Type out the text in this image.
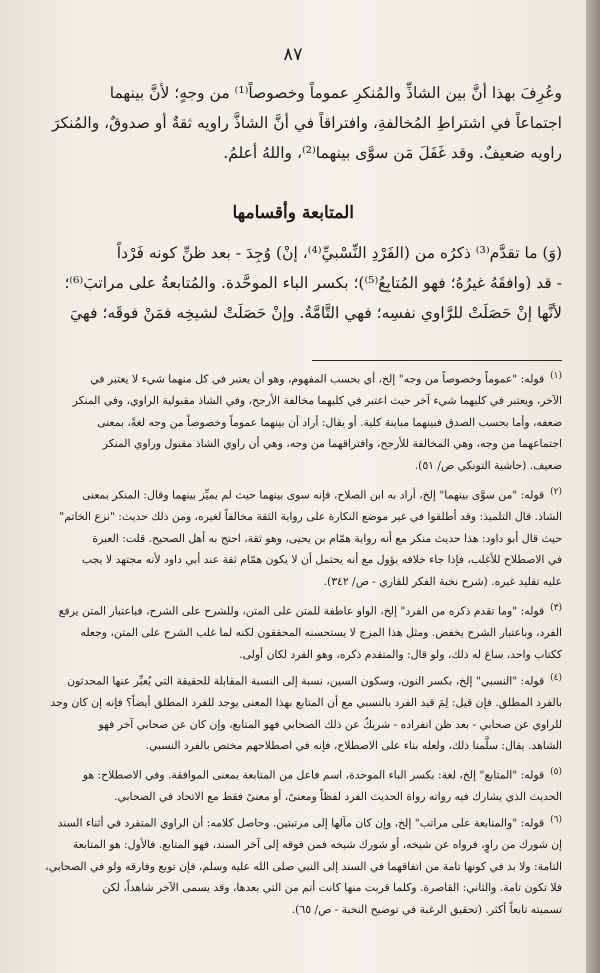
٨٧

وعُرِفَ بهذا أنَّ بين الشاذِّ والمُنكرِ عموماً وخصوصاً⁽¹⁾ من وجهٍ؛ لأنَّ بينهما

اجتماعاً في اشتراطِ المُخالفةِ، وافتراقاً في أنَّ الشاذَّ راويه ثقةٌ أو صدوقٌ، والمُنكرَ

راويه ضعيفٌ. وقد غَفَلَ مَن سوَّى بينهما⁽²⁾، واللهُ أعلمُ.

المتابعة وأقسامها

(وَ) ما تقدَّم⁽³⁾ ذكرُه من (الفَرْدِ النِّسْبيِّ⁽⁴⁾، إنْ) وُجِدَ - بعد ظنِّ كونه فَرْداً

- قد (وافقَهُ غيرُهُ؛ فهو المُتابِعُ⁽⁵⁾)؛ بكسر الباء الموحَّدة. والمُتابعةُ على مراتبَ⁽⁶⁾؛

لأنَّها إنْ حَصَلَتْ للرَّاوي نفسِه؛ فهي التَّامَّةُ. وإنْ حَصَلَتْ لشيخِه فمَنْ فوقَه؛ فهيَ

$^{(١)}$قوله: "عموماً وخصوصاً من وجه" إلخ، أي بحسب المفهوم، وهو أن يعتبر في كل منهما شيء لا يعتبر في

الآخر، ويعتبر في كليهما شيء آخر حيث اعتبر في كليهما مخالفة الأرجح، وفي الشاذ مقبولية الراوي، وفي المنكر

ضعفه، وأما بحسب الصدق فبينهما مباينة كلية. أو يقال: أراد أن بينهما عموماً وخصوصاً من وجه لغةً، بمعنى

اجتماعهما من وجه، وهي المخالفة للأرجح، وافتراقهما من وجه، وهي أن راوي الشاذ مقبول وراوي المنكر

ضعيف. (حاشية التونكي ص/ ٥١).

$^{(٢)}$قوله: "من سوَّى بينهما" إلخ، أراد به ابن الصلاح، فإنه سوى بينهما حيث لم يميِّز بينهما وقال: المنكر بمعنى

الشاذ. قال التلميذ: وقد أطلقوا في غير موضع النكارة على رواية الثقة مخالفاً لغيره، ومن ذلك حديث: "نزع الخاتم"

حيث قال أبو داود: هذا حديث منكر مع أنه رواية همّام بن يحيى، وهو ثقة، احتج به أهل الصحيح. قلت: العبرة

في الاصطلاح للأغلب، فإذا جاء خلافه يؤول مع أنه يحتمل أن لا يكون همّام ثقة عند أبي داود لأنه مجتهد لا يجب

عليه تقليد غيره. (شرح نخبة الفكر للقاري - ص/ ٣٤٢).

$^{(٣)}$قوله: "وما تقدم ذكره من الفرد" إلخ، الواو عاطفة للمتن على المتن، وللشرح على الشرح، فباعتبار المتن يرفع

الفرد، وباعتبار الشرح يخفض. ومثل هذا المزج لا يستحسنه المحققون لكنه لما غلب الشرح على المتن، وجعله

ككتاب واحد، ساغ له ذلك، ولو قال: والمتقدم ذكره، وهو الفرد لكان أولى.

$^{(٤)}$قوله: "النسبي" إلخ، بكسر النون، وسكون السين، نسبة إلى النسبة المقابلة للحقيقة التي يُعبِّر عنها المحدثون

بالفرد المطلق. فإن قيل: لِمَ قيد الفرد بالنسبي مع أن المتابع بهذا المعنى يوجد للفرد المطلق أيضاً؟ فإنه إن كان وجد

للراوي عن صحابي - بعد ظن انفراده - شريكٌ عن ذلك الصحابي فهو المتابع، وإن كان عن صحابي آخر فهو

الشاهد. يقال: سلَّمنا ذلك، ولعله بناء على الاصطلاح، فإنه في اصطلاحهم مختص بالفرد النسبي.

$^{(٥)}$قوله: "المتابع" إلخ، لغة: بكسر الباء الموحدة، اسم فاعل من المتابعة بمعنى الموافقة. وفي الاصطلاح: هو

الحديث الذي يشارك فيه رواته رواة الحديث الفرد لفظاً ومعنىً، أو معنىً فقط مع الاتحاد في الصحابي.

$^{(٦)}$قوله: "والمتابعة على مراتب" إلخ، وإن كان مآلها إلى مرتبتين. وحاصل كلامه: أن الراوي المتفرد في أثناء السند

إن شورك من راوٍ، فرواه عن شيخه، أو شورك شيخه فمن فوقه إلى آخر السند، فهو المتابع. فالأول: هو المتابعة

التامة: ولا بد في كونها تامة من اتفاقهما في السند إلى النبي صلى الله عليه وسلم، فإن توبع وفارقه ولو في الصحابي،

فلا تكون تامة. والثاني: القاصرة. وكلما قربت منها كانت أتم من التي بعدها، وقد يسمى الآخر شاهداً، لكن

تسميته تابعاً أكثر. (تحقيق الرغبة في توضيح النخبة - ص/ ٦٥).
